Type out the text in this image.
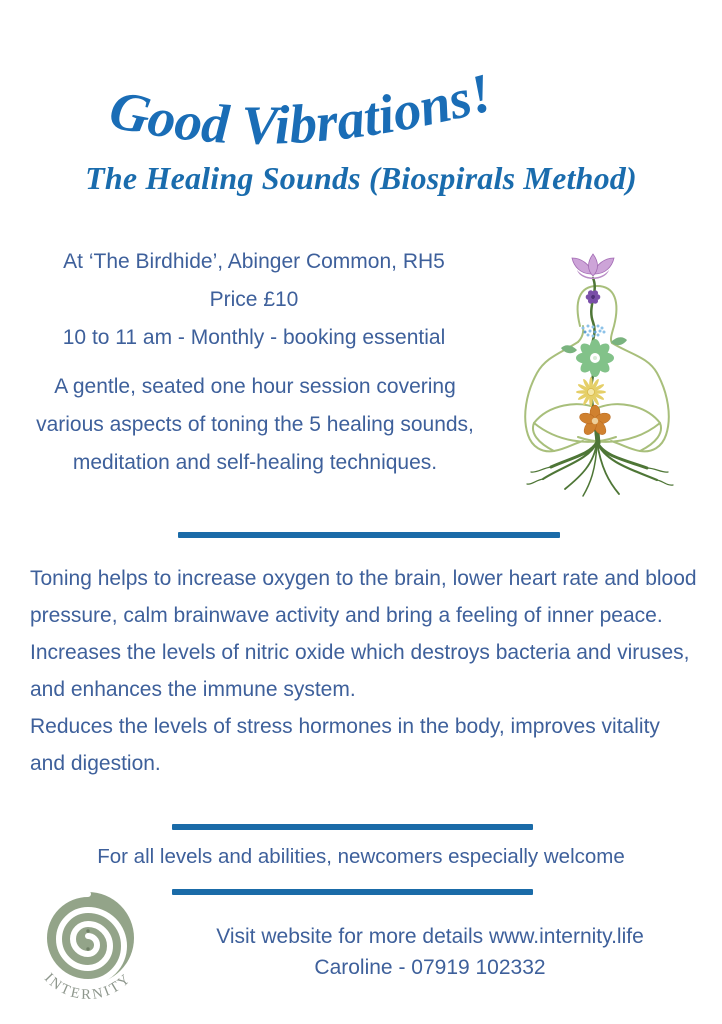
Good Vibrations!
The Healing Sounds (Biospirals Method)
At ‘The Birdhide’, Abinger Common, RH5
Price £10
10 to 11 am - Monthly - booking essential
A gentle, seated one hour session covering various aspects of toning the 5 healing sounds, meditation and self-healing techniques.

Toning helps to increase oxygen to the brain, lower heart rate and blood pressure, calm brainwave activity and bring a feeling of inner peace.

Increases the levels of nitric oxide which destroys bacteria and viruses, and enhances the immune system.

Reduces the levels of stress hormones in the body, improves vitality and digestion.

For all levels and abilities, newcomers especially welcome
INTERNITY
Visit website for more details www.internity.life
Caroline - 07919 102332
